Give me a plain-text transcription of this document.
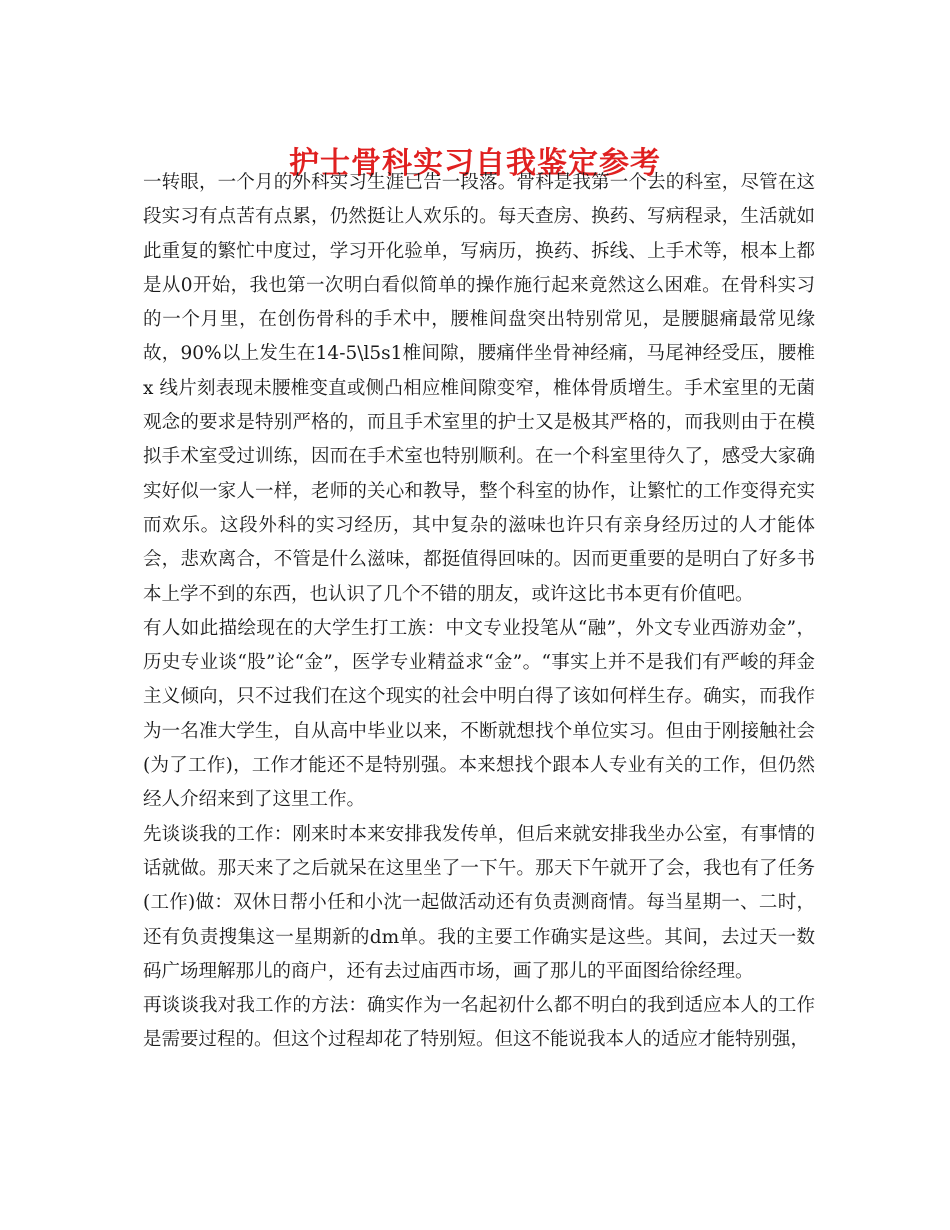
护士骨科实习自我鉴定参考

一转眼，一个月的外科实习生涯已告一段落。骨科是我第一个去的科室，尽管在这段实习有点苦有点累，仍然挺让人欢乐的。每天查房、换药、写病程录，生活就如此重复的繁忙中度过，学习开化验单，写病历，换药、拆线、上手术等，根本上都是从0开始，我也第一次明白看似简单的操作施行起来竟然这么困难。在骨科实习的一个月里，在创伤骨科的手术中，腰椎间盘突出特别常见，是腰腿痛最常见缘故，90%以上发生在14-5\l5s1椎间隙，腰痛伴坐骨神经痛，马尾神经受压，腰椎 x 线片刻表现未腰椎变直或侧凸相应椎间隙变窄，椎体骨质增生。手术室里的无菌观念的要求是特别严格的，而且手术室里的护士又是极其严格的，而我则由于在模拟手术室受过训练，因而在手术室也特别顺利。在一个科室里待久了，感受大家确实好似一家人一样，老师的关心和教导，整个科室的协作，让繁忙的工作变得充实而欢乐。这段外科的实习经历，其中复杂的滋味也许只有亲身经历过的人才能体会，悲欢离合，不管是什么滋味，都挺值得回味的。因而更重要的是明白了好多书本上学不到的东西，也认识了几个不错的朋友，或许这比书本更有价值吧。

有人如此描绘现在的大学生打工族：中文专业投笔从“融”，外文专业西游劝金”，历史专业谈“股”论“金”，医学专业精益求“金”。“事实上并不是我们有严峻的拜金主义倾向，只不过我们在这个现实的社会中明白得了该如何样生存。确实，而我作为一名准大学生，自从高中毕业以来，不断就想找个单位实习。但由于刚接触社会(为了工作)，工作才能还不是特别强。本来想找个跟本人专业有关的工作，但仍然经人介绍来到了这里工作。

先谈谈我的工作：刚来时本来安排我发传单，但后来就安排我坐办公室，有事情的话就做。那天来了之后就呆在这里坐了一下午。那天下午就开了会，我也有了任务(工作)做：双休日帮小任和小沈一起做活动还有负责测商情。每当星期一、二时，还有负责搜集这一星期新的dm单。我的主要工作确实是这些。其间，去过天一数码广场理解那儿的商户，还有去过庙西市场，画了那儿的平面图给徐经理。

再谈谈我对我工作的方法：确实作为一名起初什么都不明白的我到适应本人的工作是需要过程的。但这个过程却花了特别短。但这不能说我本人的适应才能特别强，
